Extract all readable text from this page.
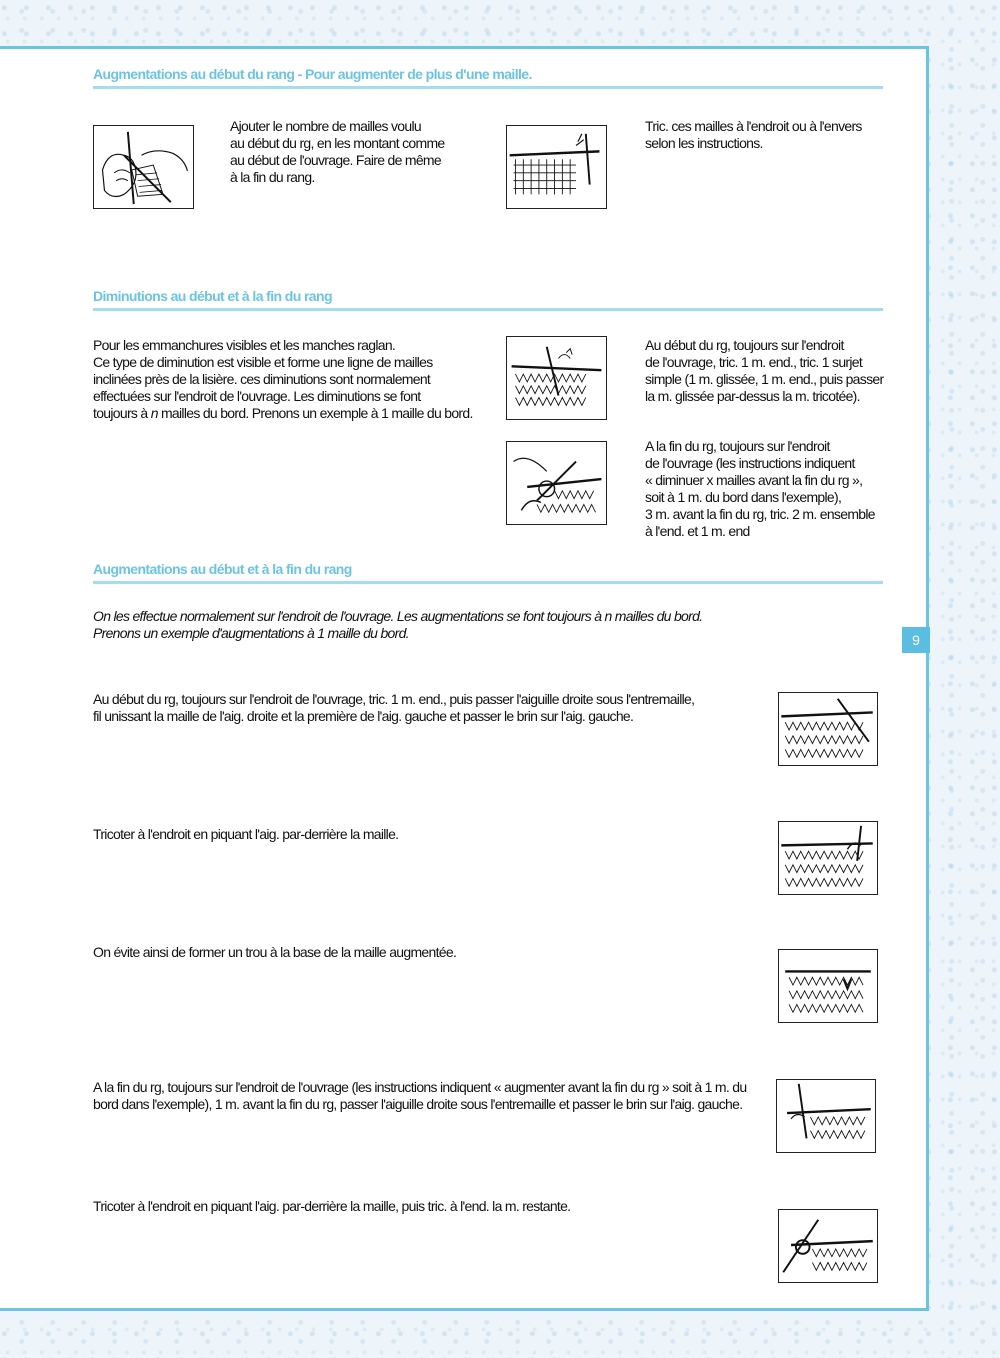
9
Augmentations au début du rang - Pour augmenter de plus d'une maille.
Ajouter le nombre de mailles voulu
au début du rg, en les montant comme
au début de l'ouvrage. Faire de même
à la fin du rang.
Tric. ces mailles à l'endroit ou à l'envers
selon les instructions.
Diminutions au début et à la fin du rang
Pour les emmanchures visibles et les manches raglan.
Ce type de diminution est visible et forme une ligne de mailles
inclinées près de la lisière. ces diminutions sont normalement
effectuées sur l'endroit de l'ouvrage. Les diminutions se font
toujours à n mailles du bord. Prenons un exemple à 1 maille du bord.
Au début du rg, toujours sur l'endroit
de l'ouvrage, tric. 1 m. end., tric. 1 surjet
simple (1 m. glissée, 1 m. end., puis passer
la m. glissée par-dessus la m. tricotée).
A la fin du rg, toujours sur l'endroit
de l'ouvrage (les instructions indiquent
« diminuer x mailles avant la fin du rg »,
soit à 1 m. du bord dans l'exemple),
3 m. avant la fin du rg, tric. 2 m. ensemble
à l'end. et 1 m. end
Augmentations au début et à la fin du rang
On les effectue normalement sur l'endroit de l'ouvrage. Les augmentations se font toujours à n mailles du bord.
Prenons un exemple d'augmentations à 1 maille du bord.
Au début du rg, toujours sur l'endroit de l'ouvrage, tric. 1 m. end., puis passer l'aiguille droite sous l'entremaille,
fil unissant la maille de l'aig. droite et la première de l'aig. gauche et passer le brin sur l'aig. gauche.
Tricoter à l'endroit en piquant l'aig. par-derrière la maille.
On évite ainsi de former un trou à la base de la maille augmentée.
A la fin du rg, toujours sur l'endroit de l'ouvrage (les instructions indiquent « augmenter avant la fin du rg » soit à 1 m. du
bord dans l'exemple), 1 m. avant la fin du rg, passer l'aiguille droite sous l'entremaille et passer le brin sur l'aig. gauche.
Tricoter à l'endroit en piquant l'aig. par-derrière la maille, puis tric. à l'end. la m. restante.
